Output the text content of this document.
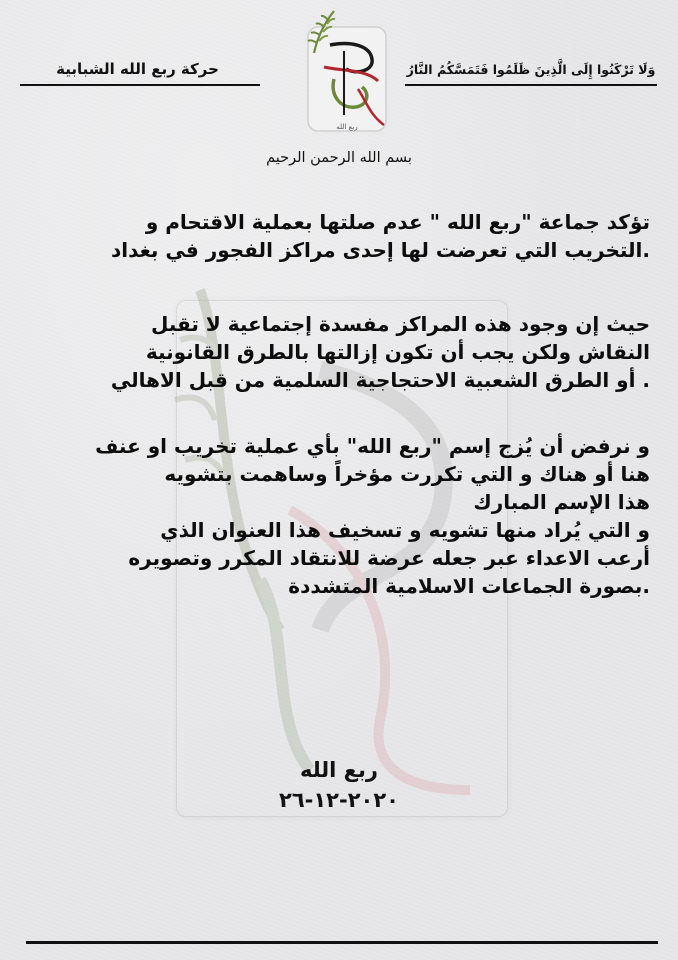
حركة ربع الله الشبابية	وَلَا تَرْكَنُوا إِلَى الَّذِينَ ظَلَمُوا فَتَمَسَّكُمُ النَّارُ
ربع الله
بسم الله الرحمن الرحيم
تؤكد جماعة "ربع الله " عدم صلتها بعملية الاقتحام و
.التخريب التي تعرضت لها إحدى مراكز الفجور في بغداد
حيث إن وجود هذه المراكز مفسدة إجتماعية لا تقبل
النقاش ولكن يجب أن تكون إزالتها بالطرق القانونية
. أو الطرق الشعبية الاحتجاجية السلمية من قبل الاهالي
و نرفض أن يُزج إسم "ربع الله" بأي عملية تخريب او عنف
هنا أو هناك و التي تكررت مؤخراً وساهمت بتشويه
هذا الإسم المبارك
و التي يُراد منها تشويه و تسخيف هذا العنوان الذي
أرعب الاعداء عبر جعله عرضة للانتقاد المكرر وتصويره
.بصورة الجماعات الاسلامية المتشددة
ربع الله
٢٠٢٠-١٢-٢٦
